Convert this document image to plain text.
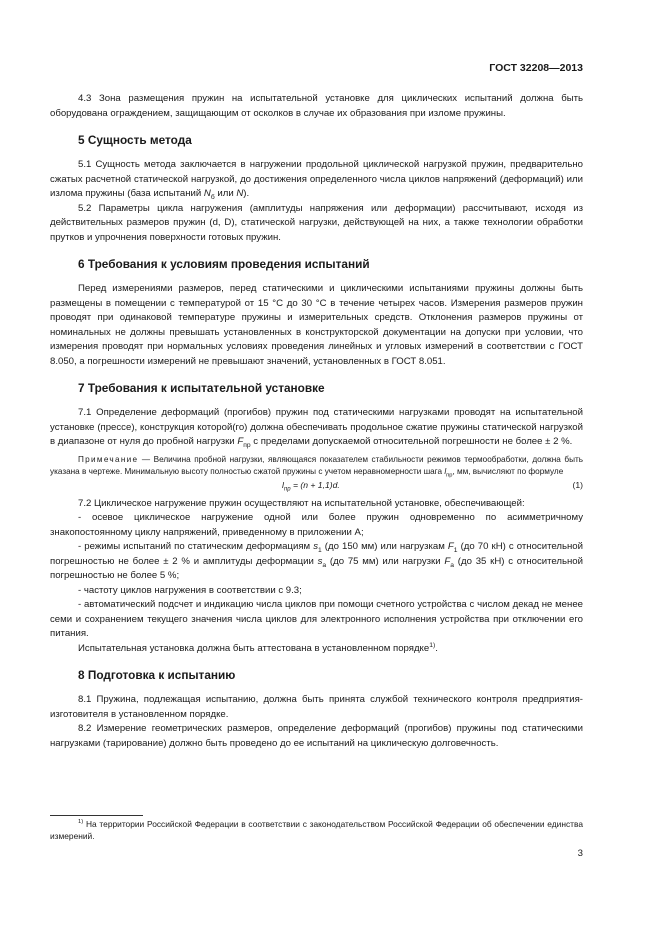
ГОСТ 32208—2013

4.3 Зона размещения пружин на испытательной установке для циклических испытаний должна быть оборудована ограждением, защищающим от осколков в случае их образования при изломе пружины.

5 Сущность метода

5.1 Сущность метода заключается в нагружении продольной циклической нагрузкой пружин, предварительно сжатых расчетной статической нагрузкой, до достижения определенного числа циклов напряжений (деформаций) или излома пружины (база испытаний $N_б$ или N).

5.2 Параметры цикла нагружения (амплитуды напряжения или деформации) рассчитывают, исходя из действительных размеров пружин (d, D), статической нагрузки, действующей на них, а также технологии обработки прутков и упрочнения поверхности готовых пружин.

6 Требования к условиям проведения испытаний

Перед измерениями размеров, перед статическими и циклическими испытаниями пружины должны быть размещены в помещении с температурой от 15 °С до 30 °С в течение четырех часов. Измерения размеров пружин проводят при одинаковой температуре пружины и измерительных средств. Отклонения размеров пружины от номинальных не должны превышать установленных в конструкторской документации на допуски при условии, что измерения проводят при нормальных условиях проведения линейных и угловых измерений в соответствии с ГОСТ 8.050, а погрешности измерений не превышают значений, установленных в ГОСТ 8.051.

7 Требования к испытательной установке

7.1 Определение деформаций (прогибов) пружин под статическими нагрузками проводят на испытательной установке (прессе), конструкция которой(го) должна обеспечивать продольное сжатие пружины статической нагрузкой в диапазоне от нуля до пробной нагрузки $F_{пр}$ с пределами допускаемой относительной погрешности не более ± 2 %.

Примечание — Величина пробной нагрузки, являющаяся показателем стабильности режимов термообработки, должна быть указана в чертеже. Минимальную высоту полностью сжатой пружины с учетом неравномерности шага $l_{пр}$, мм, вычисляют по формуле
$l_{пр} = (n + 1,1)d$.	(1)

7.2 Циклическое нагружение пружин осуществляют на испытательной установке, обеспечивающей:

- осевое циклическое нагружение одной или более пружин одновременно по асимметричному знакопостоянному циклу напряжений, приведенному в приложении А;

- режимы испытаний по статическим деформациям $s_1$ (до 150 мм) или нагрузкам $F_1$ (до 70 кН) с относительной погрешностью не более ± 2 % и амплитуды деформации $s_а$ (до 75 мм) или нагрузки $F_а$ (до 35 кН) с относительной погрешностью не более 5 %;

- частоту циклов нагружения в соответствии с 9.3;

- автоматический подсчет и индикацию числа циклов при помощи счетного устройства с числом декад не менее семи и сохранением текущего значения числа циклов для электронного исполнения устройства при отключении его питания.

Испытательная установка должна быть аттестована в установленном порядке$^{1)}$.

8 Подготовка к испытанию

8.1 Пружина, подлежащая испытанию, должна быть принята службой технического контроля предприятия-изготовителя в установленном порядке.

8.2 Измерение геометрических размеров, определение деформаций (прогибов) пружины под статическими нагрузками (тарирование) должно быть проведено до ее испытаний на циклическую долговечность.

$^{1)}$ На территории Российской Федерации в соответствии с законодательством Российской Федерации об обеспечении единства измерений.
3
